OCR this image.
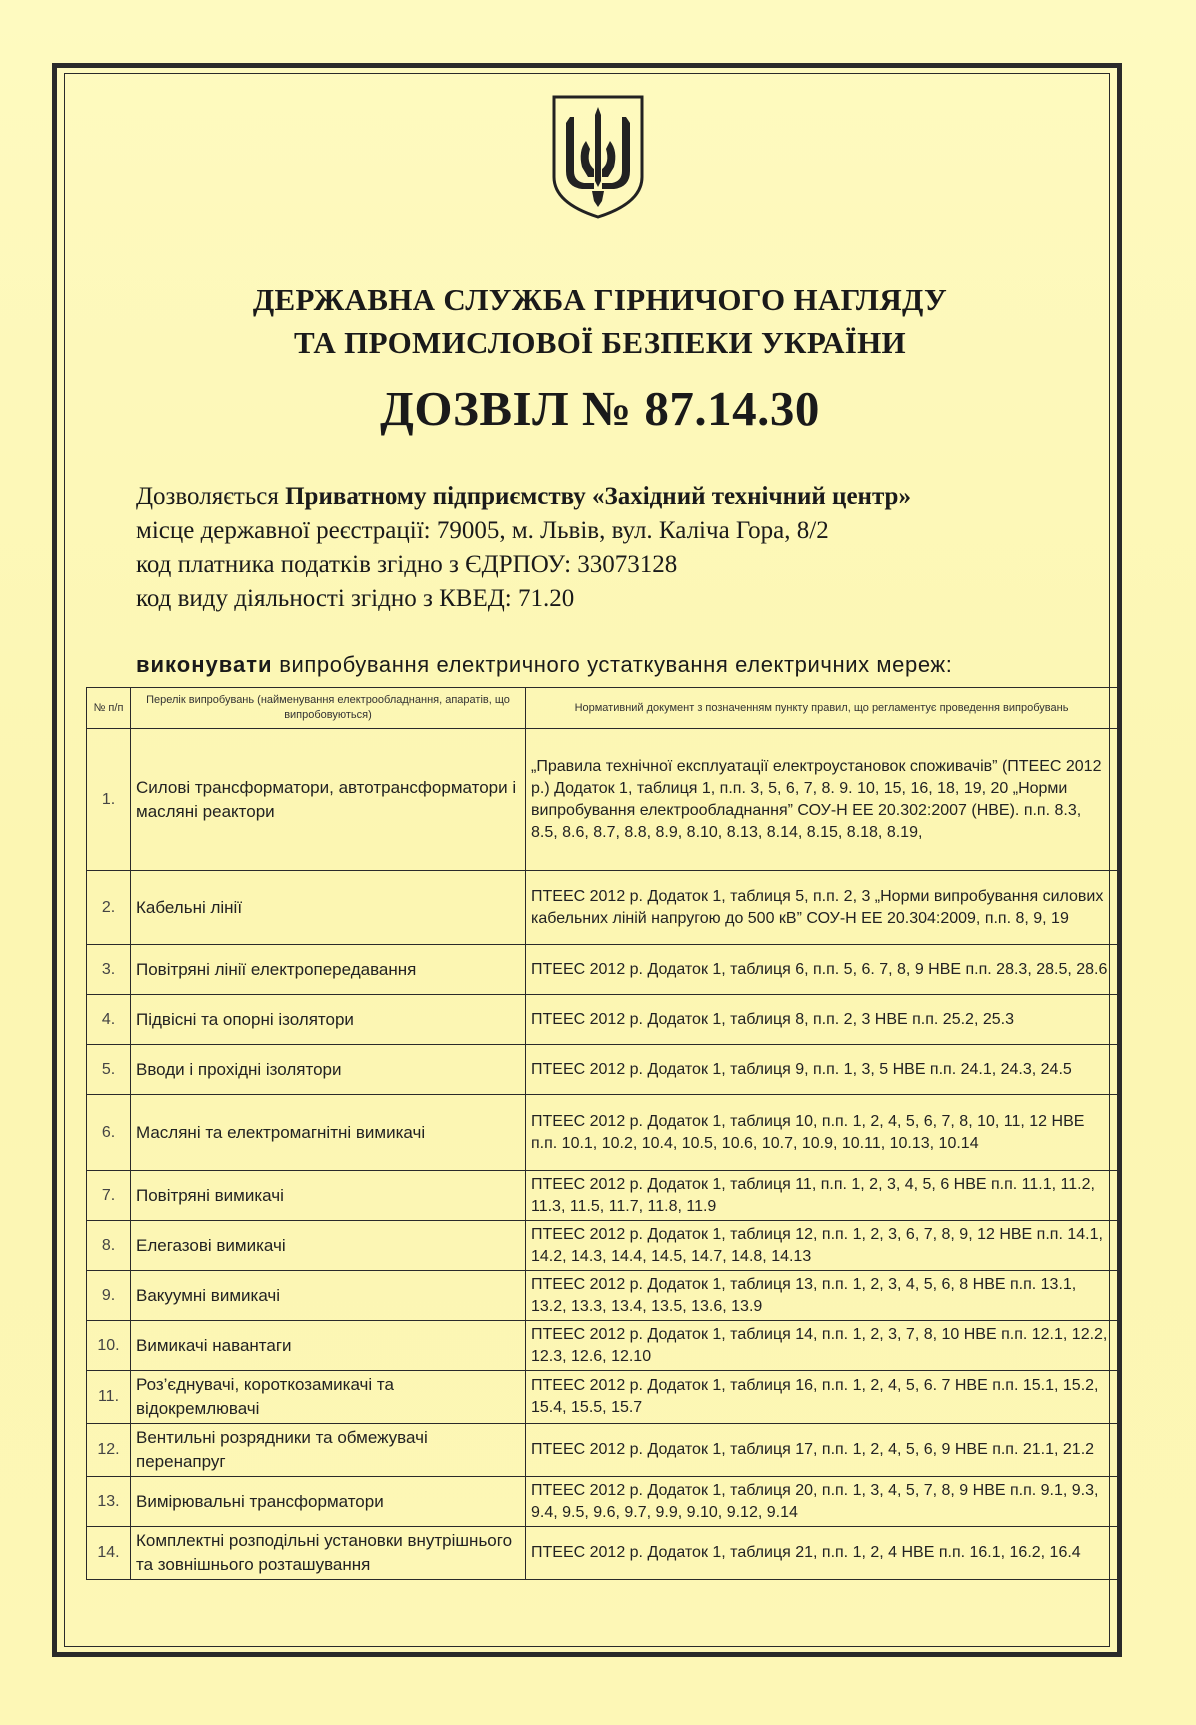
ДЕРЖАВНА СЛУЖБА ГІРНИЧОГО НАГЛЯДУ
ТА ПРОМИСЛОВОЇ БЕЗПЕКИ УКРАЇНИ
ДОЗВІЛ № 87.14.30
Дозволяється Приватному підприємству «Західний технічний центр»
місце державної реєстрації: 79005, м. Львів, вул. Каліча Гора, 8/2
код платника податків згідно з ЄДРПОУ: 33073128
код виду діяльності згідно з КВЕД: 71.20
виконувати випробування електричного устаткування електричних мереж:
№ п/п	Перелік випробувань (найменування електрообладнання, апаратів, що випробовуються)	Нормативний документ з позначенням пункту правил, що регламентує проведення випробувань
1.	Силові трансформатори, автотрансформатори і масляні реактори	„Правила технічної експлуатації електроустановок споживачів” (ПТЕЕС 2012 р.) Додаток 1, таблиця 1, п.п. 3, 5, 6, 7, 8. 9. 10, 15, 16, 18, 19, 20 „Норми випробування електрообладнання” СОУ-Н ЕЕ 20.302:2007 (НВЕ). п.п. 8.3, 8.5, 8.6, 8.7, 8.8, 8.9, 8.10, 8.13, 8.14, 8.15, 8.18, 8.19,
2.	Кабельні лінії	ПТЕЕС 2012 р. Додаток 1, таблиця 5, п.п. 2, 3 „Норми випробування силових кабельних ліній напругою до 500 кВ” СОУ-Н ЕЕ 20.304:2009, п.п. 8, 9, 19
3.	Повітряні лінії електропередавання	ПТЕЕС 2012 р. Додаток 1, таблиця 6, п.п. 5, 6. 7, 8, 9 НВЕ п.п. 28.3, 28.5, 28.6
4.	Підвісні та опорні ізолятори	ПТЕЕС 2012 р. Додаток 1, таблиця 8, п.п. 2, 3 НВЕ п.п. 25.2, 25.3
5.	Вводи і прохідні ізолятори	ПТЕЕС 2012 р. Додаток 1, таблиця 9, п.п. 1, 3, 5 НВЕ п.п. 24.1, 24.3, 24.5
6.	Масляні та електромагнітні вимикачі	ПТЕЕС 2012 р. Додаток 1, таблиця 10, п.п. 1, 2, 4, 5, 6, 7, 8, 10, 11, 12 НВЕ п.п. 10.1, 10.2, 10.4, 10.5, 10.6, 10.7, 10.9, 10.11, 10.13, 10.14
7.	Повітряні вимикачі	ПТЕЕС 2012 р. Додаток 1, таблиця 11, п.п. 1, 2, 3, 4, 5, 6 НВЕ п.п. 11.1, 11.2, 11.3, 11.5, 11.7, 11.8, 11.9
8.	Елегазові вимикачі	ПТЕЕС 2012 р. Додаток 1, таблиця 12, п.п. 1, 2, 3, 6, 7, 8, 9, 12 НВЕ п.п. 14.1, 14.2, 14.3, 14.4, 14.5, 14.7, 14.8, 14.13
9.	Вакуумні вимикачі	ПТЕЕС 2012 р. Додаток 1, таблиця 13, п.п. 1, 2, 3, 4, 5, 6, 8 НВЕ п.п. 13.1, 13.2, 13.3, 13.4, 13.5, 13.6, 13.9
10.	Вимикачі навантаги	ПТЕЕС 2012 р. Додаток 1, таблиця 14, п.п. 1, 2, 3, 7, 8, 10 НВЕ п.п. 12.1, 12.2, 12.3, 12.6, 12.10
11.	Роз’єднувачі, короткозамикачі та відокремлювачі	ПТЕЕС 2012 р. Додаток 1, таблиця 16, п.п. 1, 2, 4, 5, 6. 7 НВЕ п.п. 15.1, 15.2, 15.4, 15.5, 15.7
12.	Вентильні розрядники та обмежувачі перенапруг	ПТЕЕС 2012 р. Додаток 1, таблиця 17, п.п. 1, 2, 4, 5, 6, 9 НВЕ п.п. 21.1, 21.2
13.	Вимірювальні трансформатори	ПТЕЕС 2012 р. Додаток 1, таблиця 20, п.п. 1, 3, 4, 5, 7, 8, 9 НВЕ п.п. 9.1, 9.3, 9.4, 9.5, 9.6, 9.7, 9.9, 9.10, 9.12, 9.14
14.	Комплектні розподільні установки внутрішнього та зовнішнього розташування	ПТЕЕС 2012 р. Додаток 1, таблиця 21, п.п. 1, 2, 4 НВЕ п.п. 16.1, 16.2, 16.4
